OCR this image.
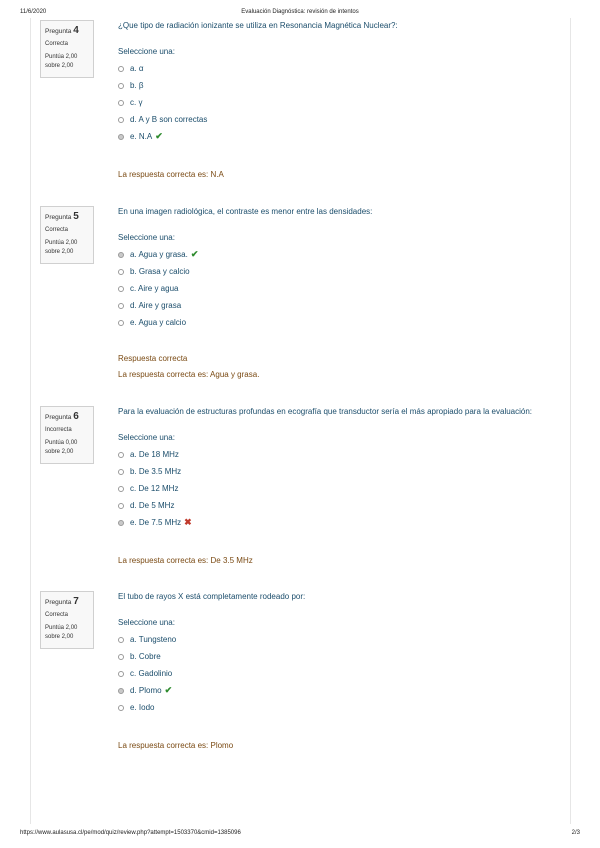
11/6/2020	Evaluación Diagnóstica: revisión de intentos
Pregunta 4
Correcta
Puntúa 2,00
sobre 2,00
¿Que tipo de radiación ionizante se utiliza en Resonancia Magnética Nuclear?:
Seleccione una:
a. α
b. β
c. γ
d. A y B son correctas
e. N.A ✔
La respuesta correcta es: N.A
Pregunta 5
Correcta
Puntúa 2,00
sobre 2,00
En una imagen radiológica, el contraste es menor entre las densidades:
Seleccione una:
a. Agua y grasa. ✔
b. Grasa y calcio
c. Aire y agua
d. Aire y grasa
e. Agua y calcio
Respuesta correcta
La respuesta correcta es: Agua y grasa.
Pregunta 6
Incorrecta
Puntúa 0,00
sobre 2,00
Para la evaluación de estructuras profundas en ecografía que transductor sería el más apropiado para la evaluación:
Seleccione una:
a. De 18 MHz
b. De 3.5 MHz
c. De 12 MHz
d. De 5 MHz
e. De 7.5 MHz ✖
La respuesta correcta es: De 3.5 MHz
Pregunta 7
Correcta
Puntúa 2,00
sobre 2,00
El tubo de rayos X está completamente rodeado por:
Seleccione una:
a. Tungsteno
b. Cobre
c. Gadolinio
d. Plomo ✔
e. Iodo
La respuesta correcta es: Plomo
https://www.aulasusa.cl/pe/mod/quiz/review.php?attempt=1503370&cmid=1385096	2/3
